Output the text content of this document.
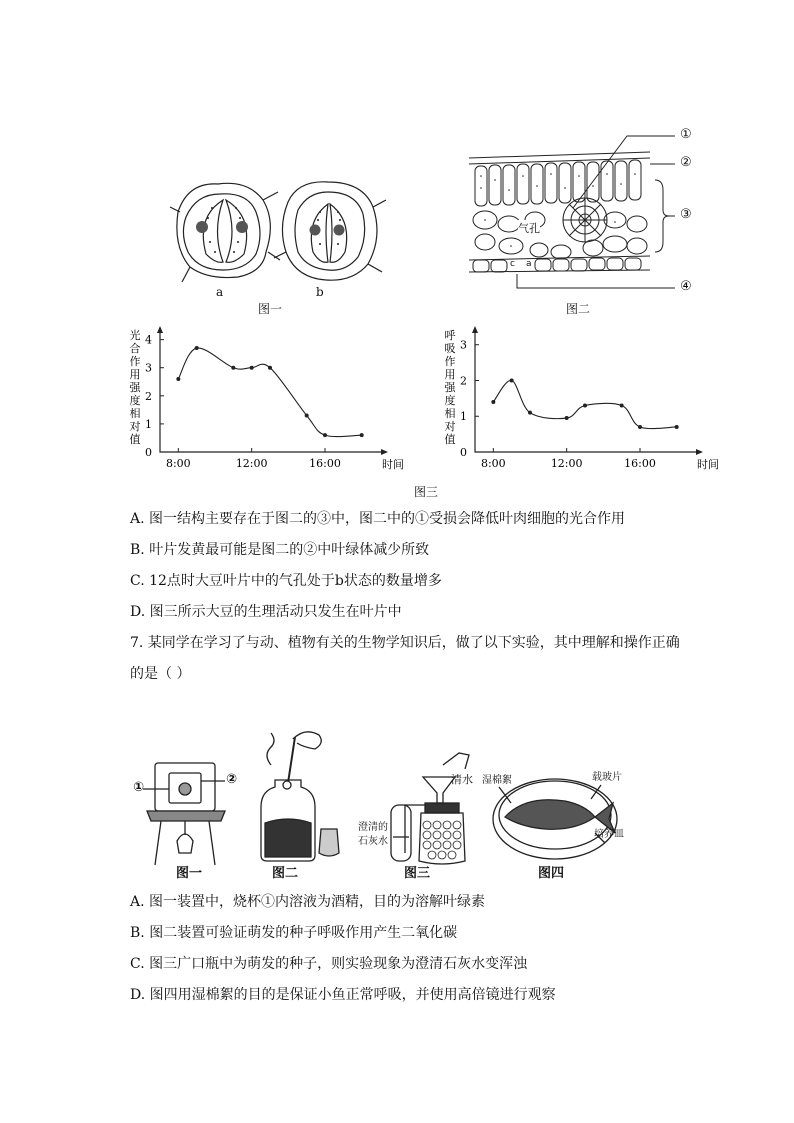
a	b
图一
①
②
③
④
气孔
c a
图二
0
1
2
3
4
8:00	12:00	16:00	时间
光
合
作
用
强
度
相
对
值
0
1
2
3
8:00	12:00	16:00	时间
呼
吸
作
用
强
度
相
对
值
图三
A. 图一结构主要存在于图二的③中，图二中的①受损会降低叶肉细胞的光合作用
B. 叶片发黄最可能是图二的②中叶绿体减少所致
C. 12点时大豆叶片中的气孔处于b状态的数量增多
D. 图三所示大豆的生理活动只发生在叶片中
7. 某同学在学习了与动、植物有关的生物学知识后，做了以下实验，其中理解和操作正确
的是（ ）
①
②	清水
澄清的
石灰水
湿棉絮	载玻片
培养皿
图一	图二	图三	图四
A. 图一装置中，烧杯①内溶液为酒精，目的为溶解叶绿素
B. 图二装置可验证萌发的种子呼吸作用产生二氧化碳
C. 图三广口瓶中为萌发的种子，则实验现象为澄清石灰水变浑浊
D. 图四用湿棉絮的目的是保证小鱼正常呼吸，并使用高倍镜进行观察
